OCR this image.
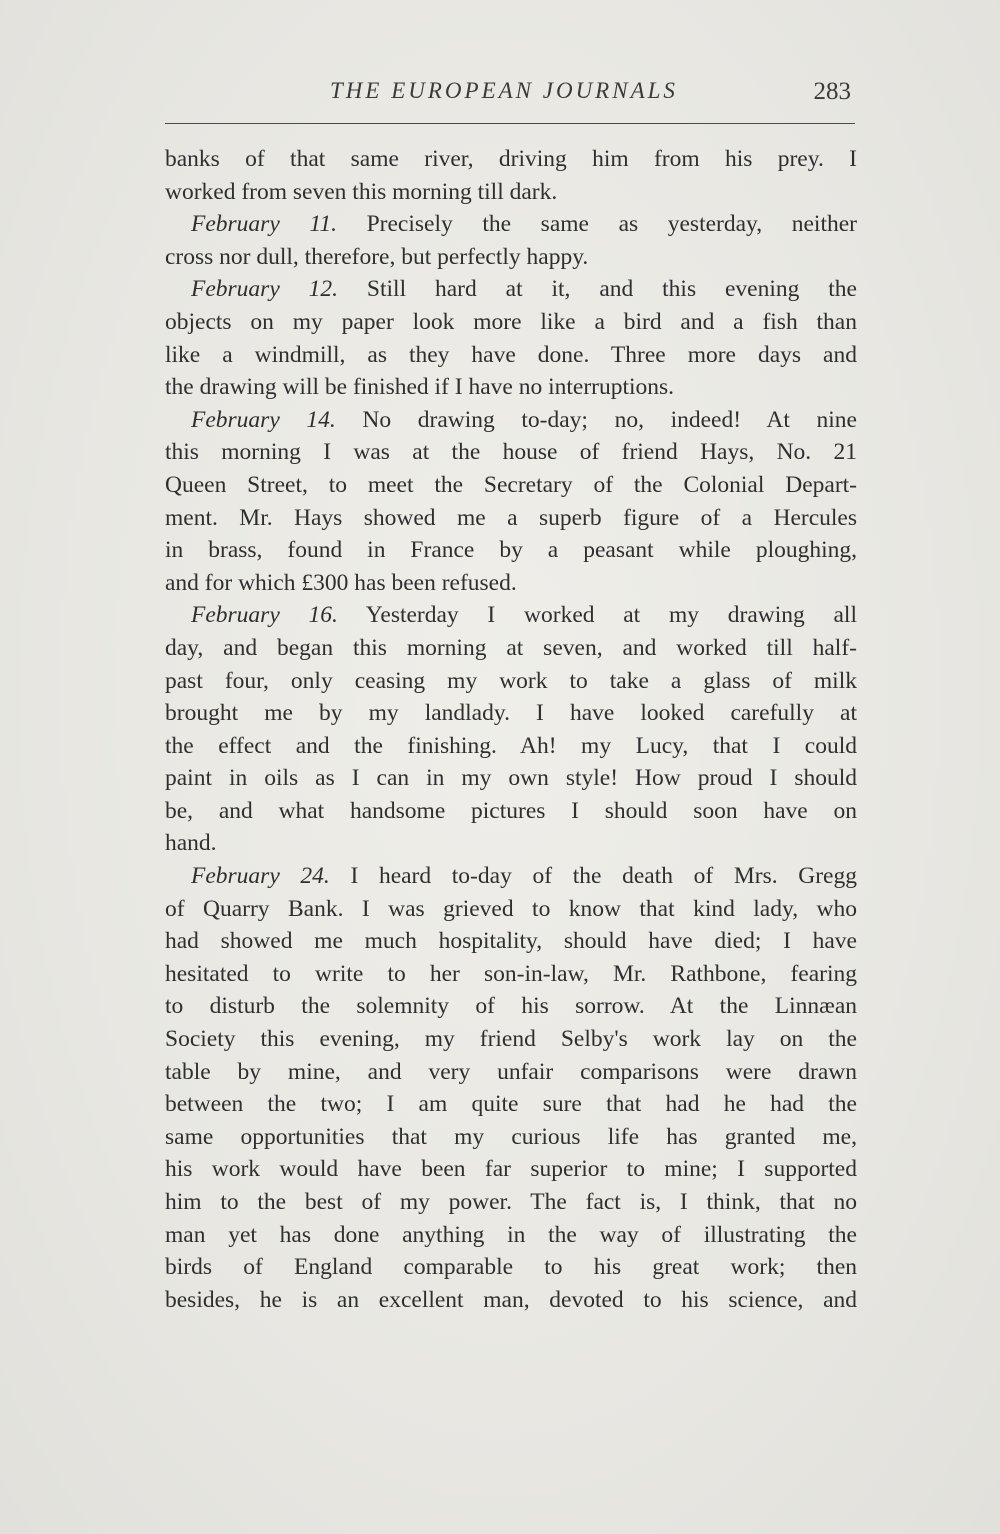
THE EUROPEAN JOURNALS	283

banks of that same river, driving him from his prey. I
worked from seven this morning till dark.

February 11. Precisely the same as yesterday, neither
cross nor dull, therefore, but perfectly happy.

February 12. Still hard at it, and this evening the
objects on my paper look more like a bird and a fish than
like a windmill, as they have done. Three more days and
the drawing will be finished if I have no interruptions.

February 14. No drawing to-day; no, indeed! At nine
this morning I was at the house of friend Hays, No. 21
Queen Street, to meet the Secretary of the Colonial Depart-
ment. Mr. Hays showed me a superb figure of a Hercules
in brass, found in France by a peasant while ploughing,
and for which £300 has been refused.

February 16. Yesterday I worked at my drawing all
day, and began this morning at seven, and worked till half-
past four, only ceasing my work to take a glass of milk
brought me by my landlady. I have looked carefully at
the effect and the finishing. Ah! my Lucy, that I could
paint in oils as I can in my own style! How proud I should
be, and what handsome pictures I should soon have on
hand.

February 24. I heard to-day of the death of Mrs. Gregg
of Quarry Bank. I was grieved to know that kind lady, who
had showed me much hospitality, should have died; I have
hesitated to write to her son-in-law, Mr. Rathbone, fearing
to disturb the solemnity of his sorrow. At the Linnæan
Society this evening, my friend Selby's work lay on the
table by mine, and very unfair comparisons were drawn
between the two; I am quite sure that had he had the
same opportunities that my curious life has granted me,
his work would have been far superior to mine; I supported
him to the best of my power. The fact is, I think, that no
man yet has done anything in the way of illustrating the
birds of England comparable to his great work; then
besides, he is an excellent man, devoted to his science, and
